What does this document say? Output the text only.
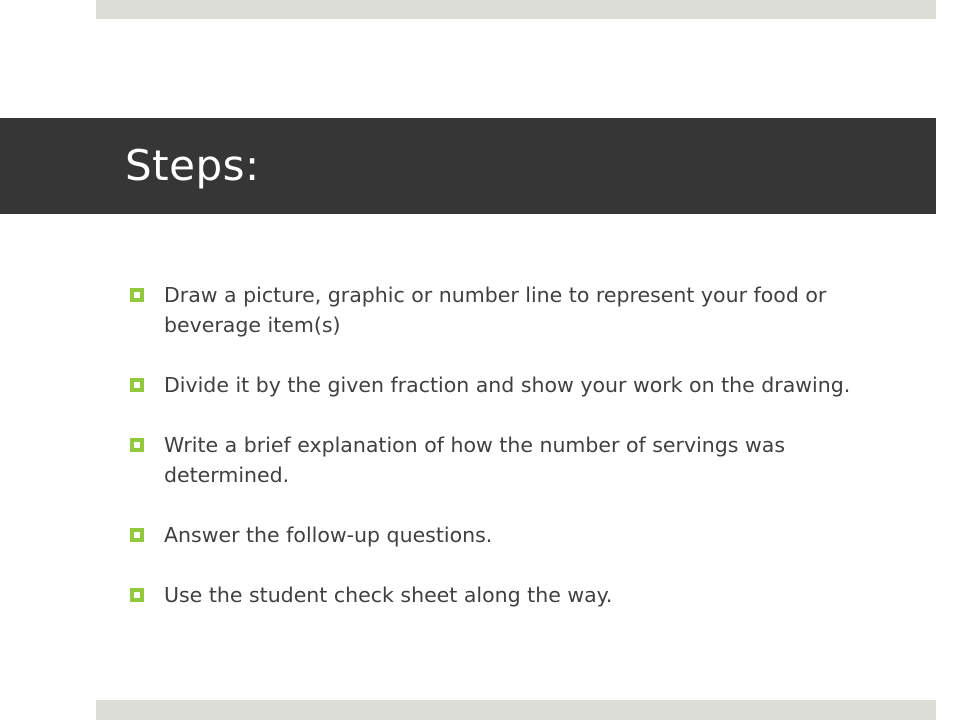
Steps:
Draw a picture, graphic or number line to represent your food or beverage item(s)
Divide it by the given fraction and show your work on the drawing.
Write a brief explanation of how the number of servings was determined.
Answer the follow-up questions.
Use the student check sheet along the way.
